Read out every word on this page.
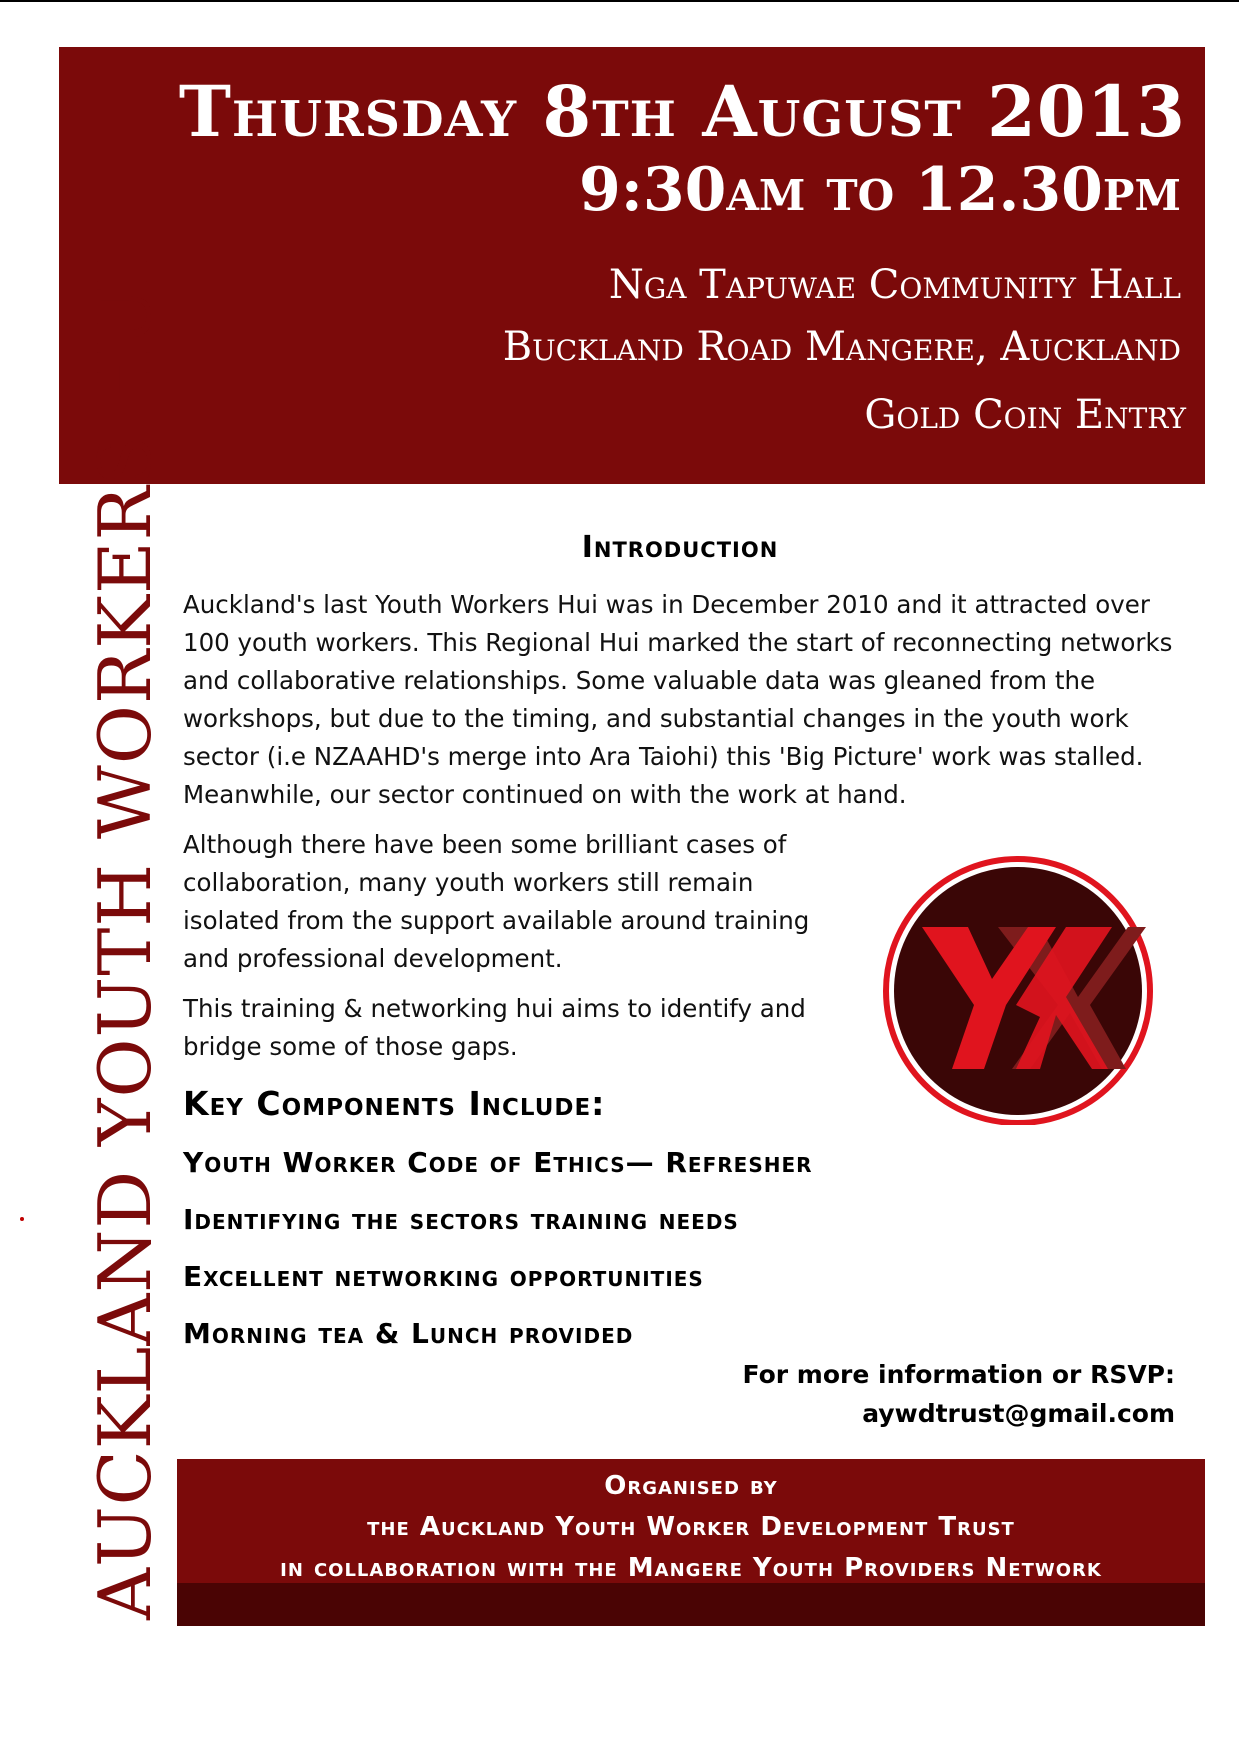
Thursday 8th August 2013
9:30am to 12.30pm
Nga Tapuwae Community Hall
Buckland Road Mangere, Auckland
Gold Coin Entry
AUCKLAND YOUTH WORKERS HUI	Introduction
Auckland's last Youth Workers Hui was in December 2010 and it attracted over 100 youth workers. This Regional Hui marked the start of reconnecting networks and collaborative relationships. Some valuable data was gleaned from the workshops, but due to the timing, and substantial changes in the youth work sector (i.e NZAAHD's merge into Ara Taiohi) this 'Big Picture' work was stalled. Meanwhile, our sector continued on with the work at hand.
Although there have been some brilliant cases of collaboration, many youth workers still remain isolated from the support available around training and professional development.
This training & networking hui aims to identify and bridge some of those gaps.
Key Components Include:
Youth Worker Code of Ethics— Refresher
Identifying the sectors training needs
Excellent networking opportunities
Morning tea & Lunch provided
For more information or RSVP:
aywdtrust@gmail.com
Organised by
the Auckland Youth Worker Development Trust
in collaboration with the Mangere Youth Providers Network
